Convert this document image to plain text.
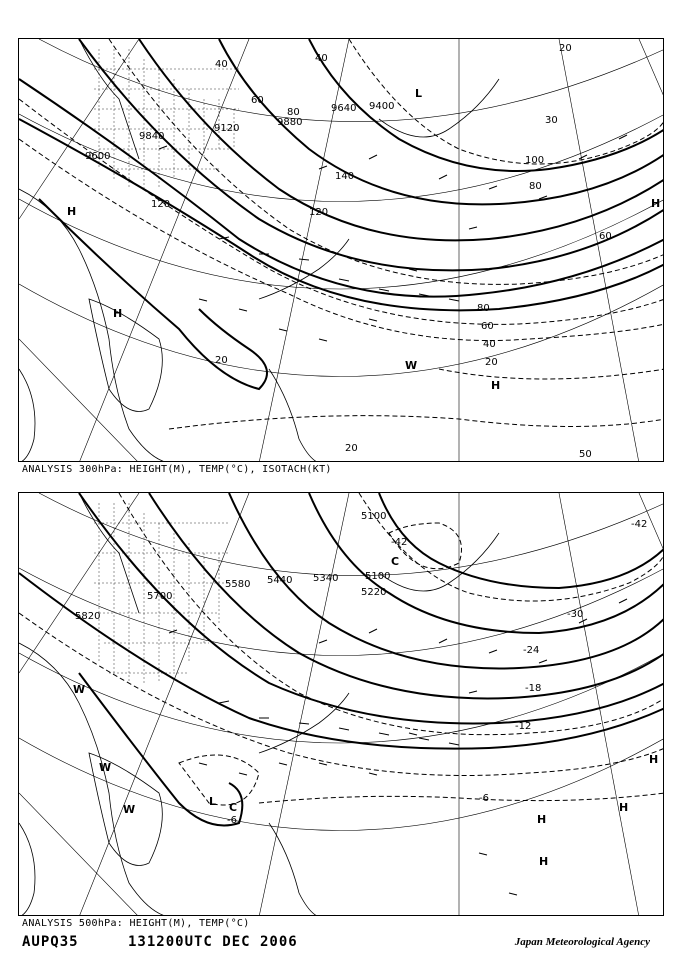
9600
9840
9120
9880
9640 9400
40
60
80
100
120
140
120
80
60
40
20
20
20
80
60
40
20
50
30
H
H
L
H
W
H
ANALYSIS 300hPa: HEIGHT(M), TEMP(°C), ISOTACH(KT)
5820
5700
5580 5440 5340	5100
5220
5100
-42
-30
-24
-18
-12
-6
-6
-42
W
W
W
L C
H
H
H
C
H
ANALYSIS 500hPa: HEIGHT(M), TEMP(°C)
AUPQ35	131200UTC DEC 2006	Japan Meteorological Agency
